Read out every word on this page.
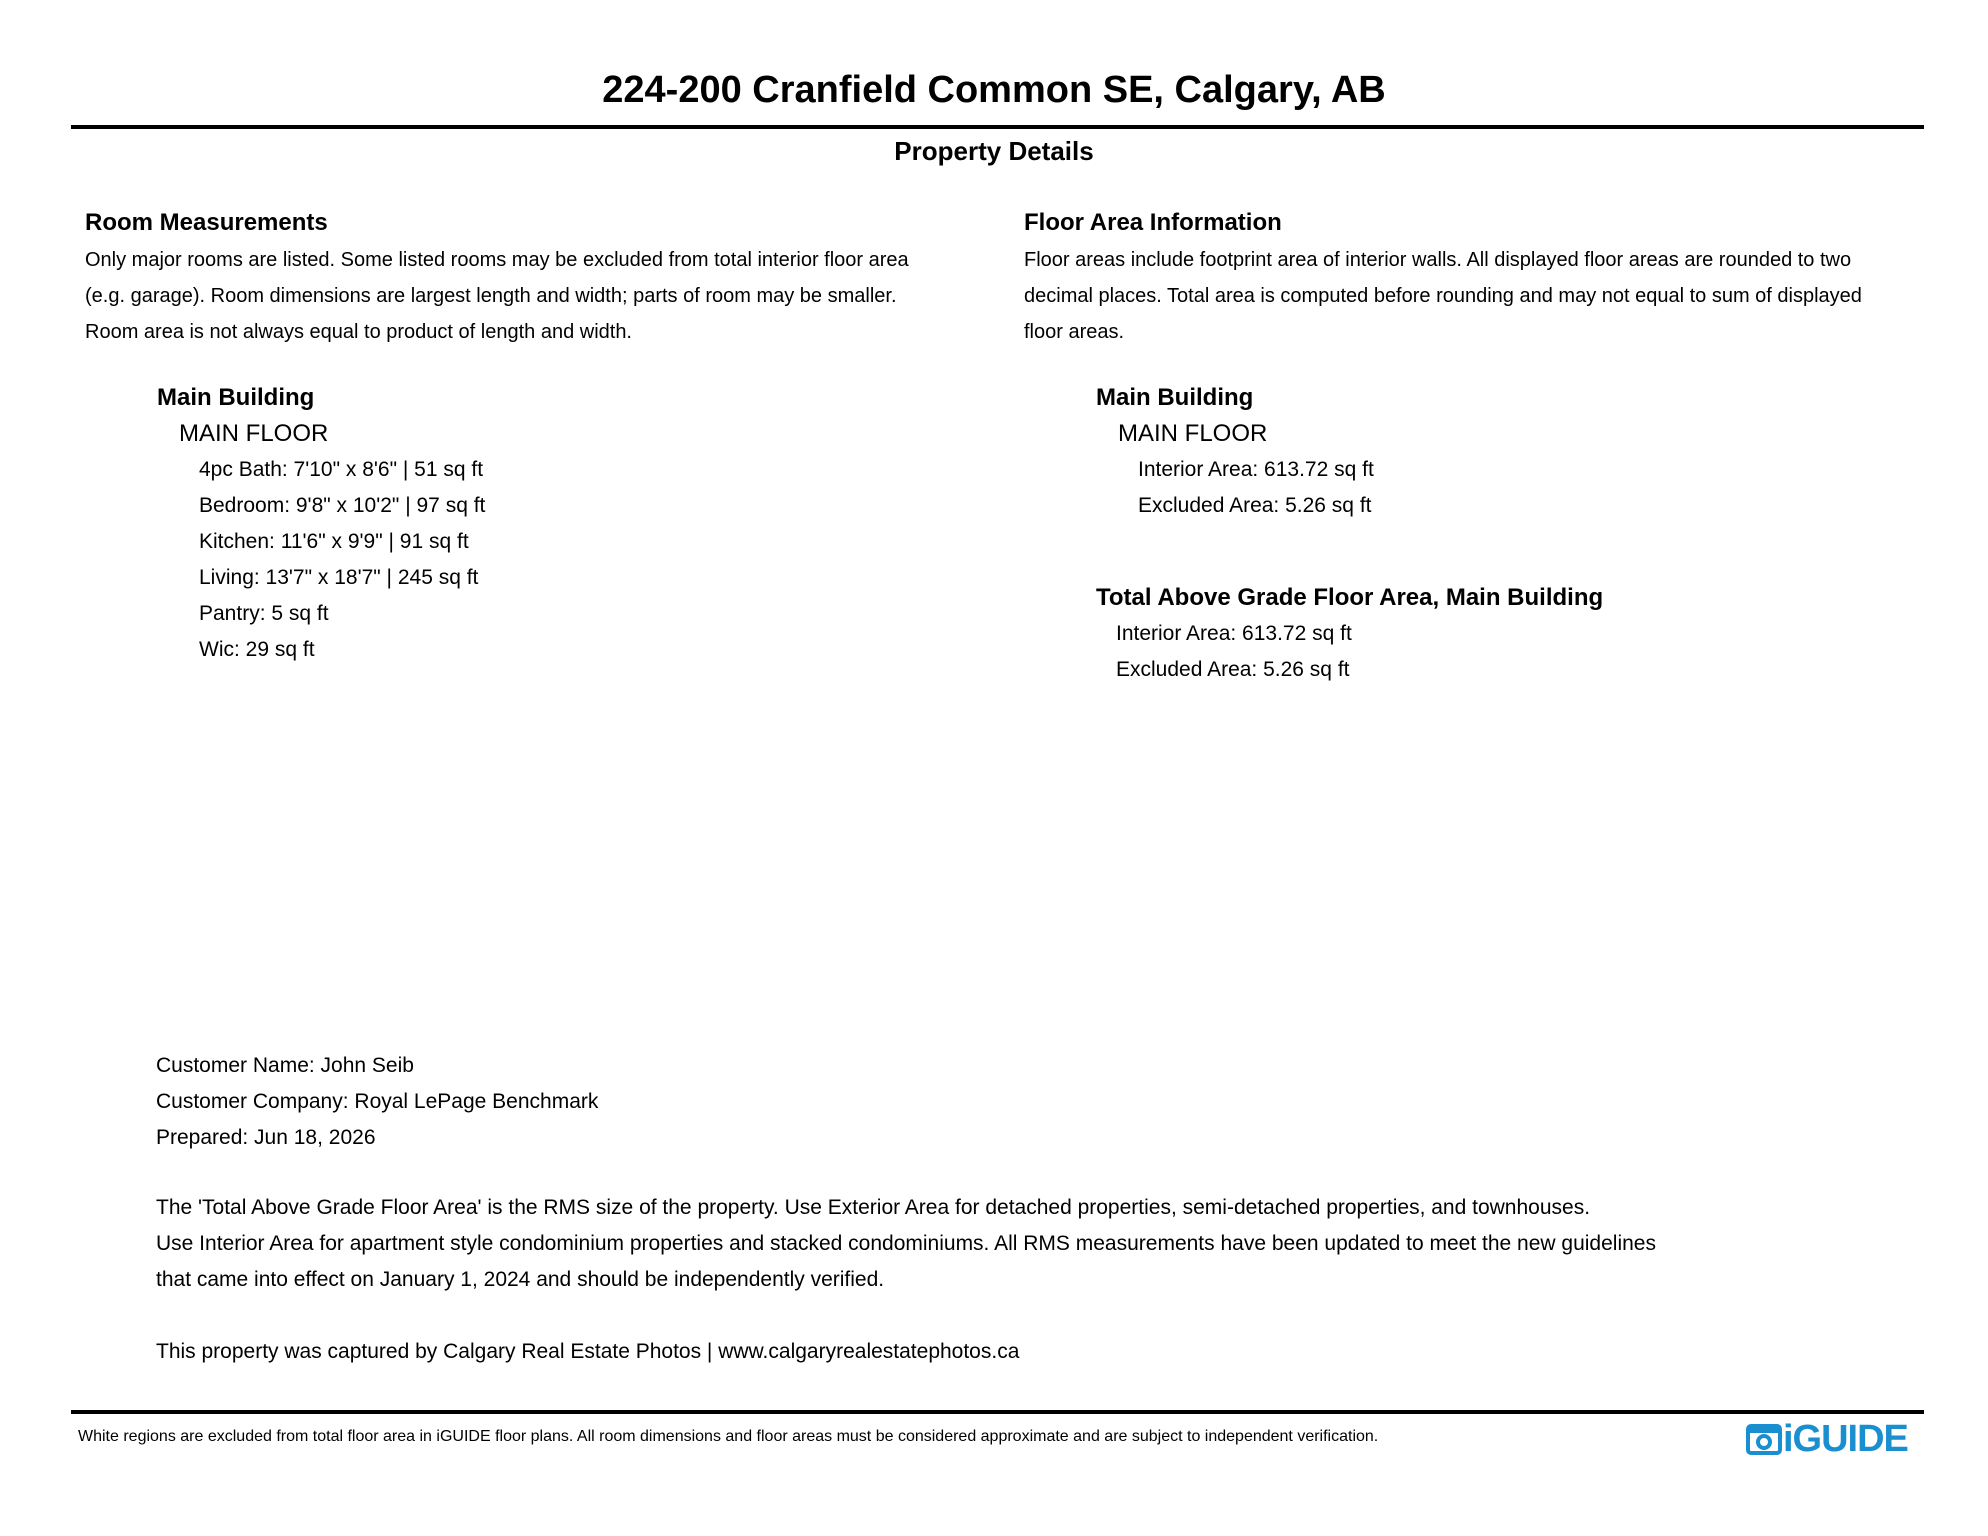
224-200 Cranfield Common SE, Calgary, AB
Property Details
Room Measurements
Only major rooms are listed. Some listed rooms may be excluded from total interior floor area
(e.g. garage). Room dimensions are largest length and width; parts of room may be smaller.
Room area is not always equal to product of length and width.
Main Building
MAIN FLOOR
4pc Bath: 7'10" x 8'6" | 51 sq ft
Bedroom: 9'8" x 10'2" | 97 sq ft
Kitchen: 11'6" x 9'9" | 91 sq ft
Living: 13'7" x 18'7" | 245 sq ft
Pantry: 5 sq ft
Wic: 29 sq ft
Floor Area Information
Floor areas include footprint area of interior walls. All displayed floor areas are rounded to two
decimal places. Total area is computed before rounding and may not equal to sum of displayed
floor areas.
Main Building
MAIN FLOOR
Interior Area: 613.72 sq ft
Excluded Area: 5.26 sq ft
Total Above Grade Floor Area, Main Building
Interior Area: 613.72 sq ft
Excluded Area: 5.26 sq ft
Customer Name: John Seib
Customer Company: Royal LePage Benchmark
Prepared: Jun 18, 2026
The 'Total Above Grade Floor Area' is the RMS size of the property. Use Exterior Area for detached properties, semi-detached properties, and townhouses.
Use Interior Area for apartment style condominium properties and stacked condominiums. All RMS measurements have been updated to meet the new guidelines
that came into effect on January 1, 2024 and should be independently verified.
This property was captured by Calgary Real Estate Photos | www.calgaryrealestatephotos.ca
White regions are excluded from total floor area in iGUIDE floor plans. All room dimensions and floor areas must be considered approximate and are subject to independent verification.	iGUIDE
